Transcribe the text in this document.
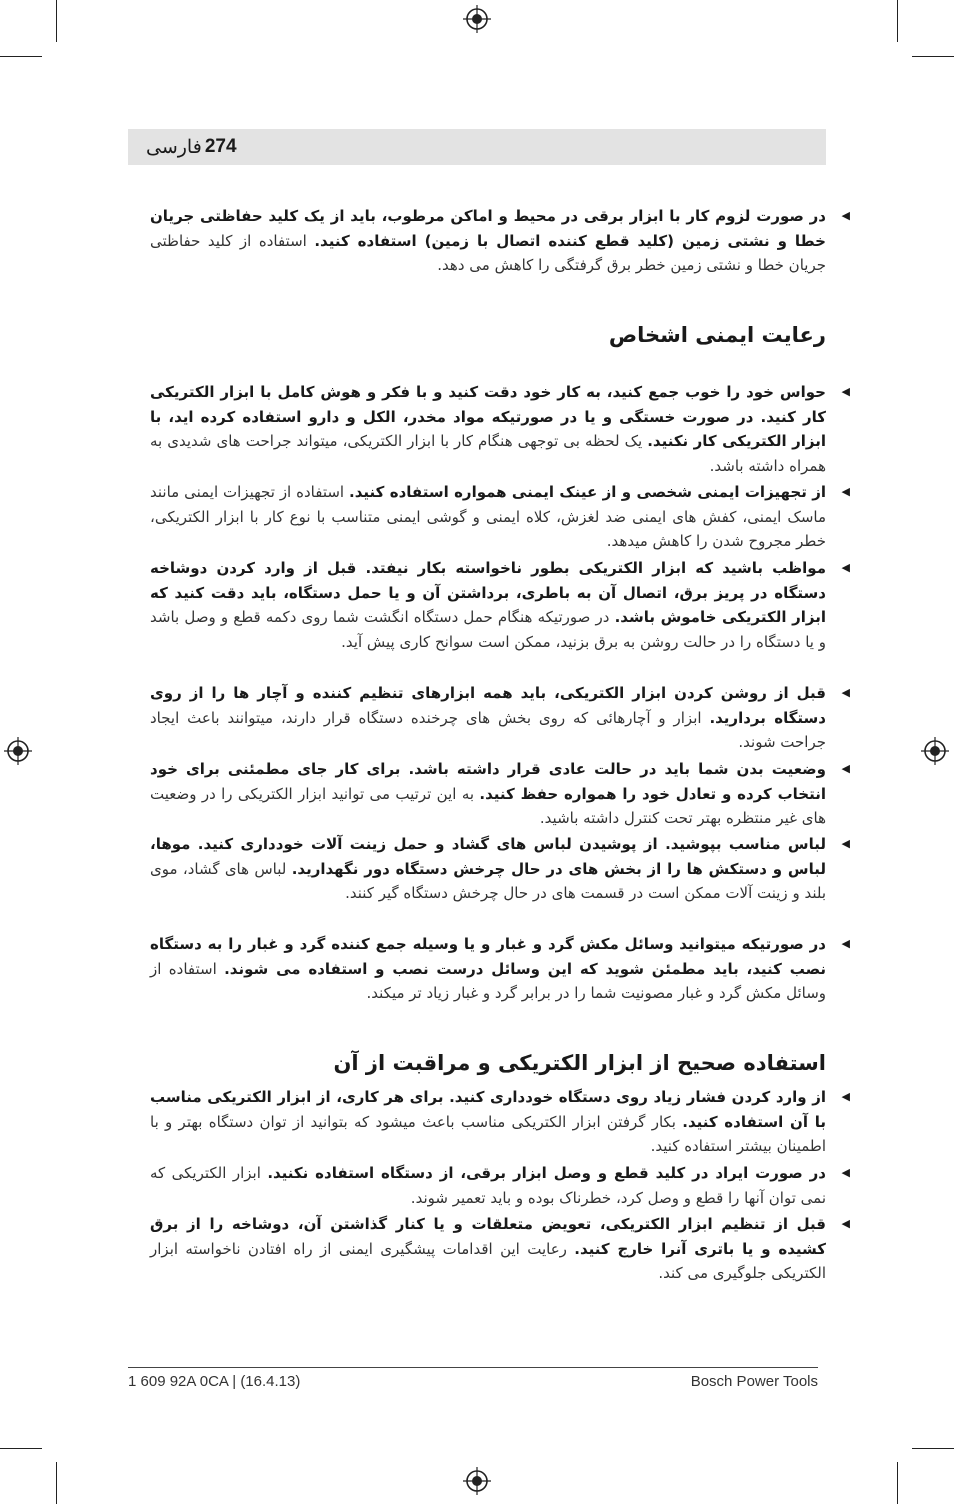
274
فارسی
◀
در صورت لزوم کار با ابزار برقی در محیط و اماکن مرطوب، باید از یک کلید حفاظتی جریان خطا و نشتی زمین (کلید قطع کننده اتصال با زمین) استفاده کنید. استفاده از کلید حفاظتی جریان خطا و نشتی زمین خطر برق گرفتگی را کاهش می دهد.
رعایت ایمنی اشخاص
◀
حواس خود را خوب جمع کنید، به کار خود دقت کنید و با فکر و هوش کامل با ابزار الکتریکی کار کنید. در صورت خستگی و یا در صورتیکه مواد مخدر، الکل و دارو استفاده کرده اید، با ابزار الکتریکی کار نکنید. یک لحظه بی توجهی هنگام کار با ابزار الکتریکی، میتواند جراحت های شدیدی به همراه داشته باشد.
◀
از تجهیزات ایمنی شخصی و از عینک ایمنی همواره استفاده کنید. استفاده از تجهیزات ایمنی مانند ماسک ایمنی، کفش های ایمنی ضد لغزش، کلاه ایمنی و گوشی ایمنی متناسب با نوع کار با ابزار الکتریکی، خطر مجروح شدن را کاهش میدهد.
◀
مواظب باشید که ابزار الکتریکی بطور ناخواسته بکار نیفتد. قبل از وارد کردن دوشاخه دستگاه در پریز برق، اتصال آن به باطری، برداشتن آن و یا حمل دستگاه، باید دقت کنید که ابزار الکتریکی خاموش باشد. در صورتیکه هنگام حمل دستگاه انگشت شما روی دکمه قطع و وصل باشد و یا دستگاه را در حالت روشن به برق بزنید، ممکن است سوانح کاری پیش آید.
◀
قبل از روشن کردن ابزار الکتریکی، باید همه ابزارهای تنظیم کننده و آچار ها را از روی دستگاه بردارید. ابزار و آچارهائی که روی بخش های چرخنده دستگاه قرار دارند، میتوانند باعث ایجاد جراحت شوند.
◀
وضعیت بدن شما باید در حالت عادی قرار داشته باشد. برای کار جای مطمئنی برای خود انتخاب کرده و تعادل خود را همواره حفظ کنید. به این ترتیب می توانید ابزار الکتریکی را در وضعیت های غیر منتظره بهتر تحت کنترل داشته باشید.
◀
لباس مناسب بپوشید. از پوشیدن لباس های گشاد و حمل زینت آلات خودداری کنید. موها، لباس و دستکش ها را از بخش های در حال چرخش دستگاه دور نگهدارید. لباس های گشاد، موی بلند و زینت آلات ممکن است در قسمت های در حال چرخش دستگاه گیر کنند.
◀
در صورتیکه میتوانید وسائل مکش گرد و غبار و یا وسیله جمع کننده گرد و غبار را به دستگاه نصب کنید، باید مطمئن شوید که این وسائل درست نصب و استفاده می شوند. استفاده از وسائل مکش گرد و غبار مصونیت شما را در برابر گرد و غبار زیاد تر میکند.
استفاده صحیح از ابزار الکتریکی و مراقبت از آن
◀
از وارد کردن فشار زیاد روی دستگاه خودداری کنید. برای هر کاری، از ابزار الکتریکی مناسب با آن استفاده کنید. بکار گرفتن ابزار الکتریکی مناسب باعث میشود که بتوانید از توان دستگاه بهتر و با اطمینان بیشتر استفاده کنید.
◀
در صورت ایراد در کلید قطع و وصل ابزار برقی، از دستگاه استفاده نکنید. ابزار الکتریکی که نمی توان آنها را قطع و وصل کرد، خطرناک بوده و باید تعمیر شوند.
◀
قبل از تنظیم ابزار الکتریکی، تعویض متعلقات و یا کنار گذاشتن آن، دوشاخه را از برق کشیده و یا باتری آنرا خارج کنید. رعایت این اقدامات پیشگیری ایمنی از راه افتادن ناخواسته ابزار الکتریکی جلوگیری می کند.
1 609 92A 0CA | (16.4.13)	Bosch Power Tools
